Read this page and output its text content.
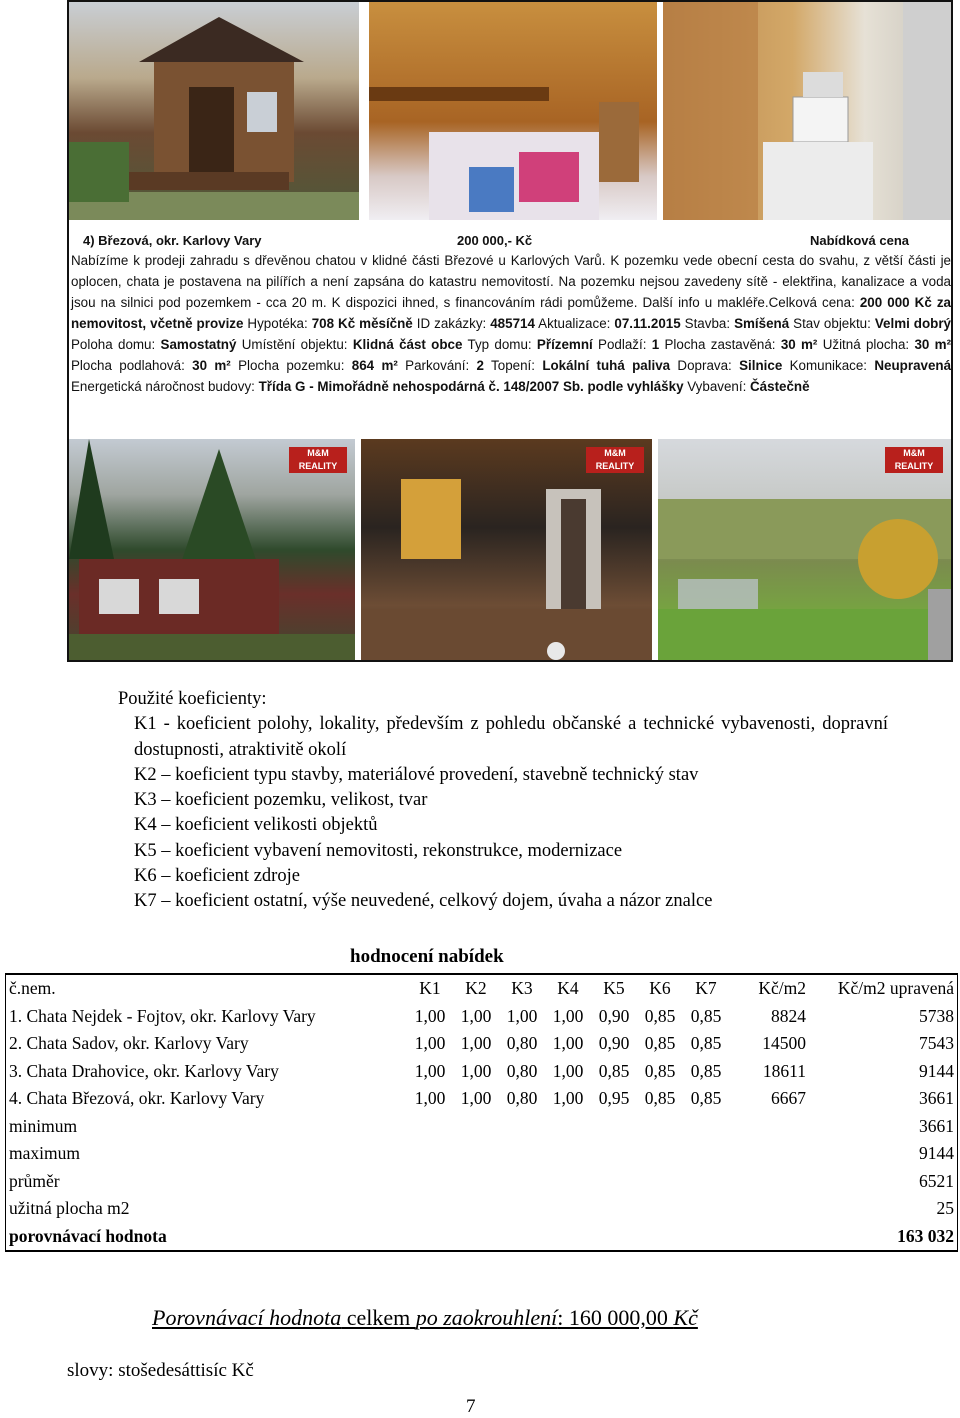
4) Březová, okr. Karlovy Vary	200 000,- Kč	Nabídková cena

Nabízíme k prodeji zahradu s dřevěnou chatou v klidné části Březové u Karlových Varů. K pozemku vede obecní cesta do svahu, z větší části je oplocen, chata je postavena na pilířích a není zapsána do katastru nemovitostí. Na pozemku nejsou zavedeny sítě - elektřina, kanalizace a voda jsou na silnici pod pozemkem - cca 20 m. K dispozici ihned, s financováním rádi pomůžeme. Další info u makléře.Celková cena: 200 000 Kč za nemovitost, včetně provize Hypotéka: 708 Kč měsíčně ID zakázky: 485714 Aktualizace: 07.11.2015 Stavba: Smíšená Stav objektu: Velmi dobrý Poloha domu: Samostatný Umístění objektu: Klidná část obce Typ domu: Přízemní Podlaží: 1 Plocha zastavěná: 30 m² Užitná plocha: 30 m² Plocha podlahová: 30 m² Plocha pozemku: 864 m² Parkování: 2 Topení: Lokální tuhá paliva Doprava: Silnice Komunikace: Neupravená Energetická náročnost budovy: Třída G - Mimořádně nehospodárná č. 148/2007 Sb. podle vyhlášky Vybavení: Částečně

M&M
REALITY
M&M
REALITY
M&M
REALITY

Použité koeficienty:

K1 - koeficient polohy, lokality, především z pohledu občanské a technické vybavenosti, dopravní dostupnosti, atraktivitě okolí

K2 – koeficient typu stavby, materiálové provedení, stavebně technický stav

K3 – koeficient pozemku, velikost, tvar

K4 – koeficient velikosti objektů

K5 – koeficient vybavení nemovitosti, rekonstrukce, modernizace

K6 – koeficient zdroje

K7 – koeficient ostatní, výše neuvedené, celkový dojem, úvaha a názor znalce

hodnocení nabídek
č.nem.	K1	K2	K3	K4	K5	K6	K7	Kč/m2	Kč/m2 upravená
1. Chata Nejdek - Fojtov, okr. Karlovy Vary	1,00	1,00	1,00	1,00	0,90	0,85	0,85	8824	5738
2. Chata Sadov, okr. Karlovy Vary	1,00	1,00	0,80	1,00	0,90	0,85	0,85	14500	7543
3. Chata Drahovice, okr. Karlovy Vary	1,00	1,00	0,80	1,00	0,85	0,85	0,85	18611	9144
4. Chata Březová, okr. Karlovy Vary	1,00	1,00	0,80	1,00	0,95	0,85	0,85	6667	3661
minimum									3661
maximum									9144
průměr									6521
užitná plocha m2									25
porovnávací hodnota									163 032
Porovnávací hodnota celkem po zaokrouhlení: 160 000,00 Kč
slovy: stošedesáttisíc Kč
7
